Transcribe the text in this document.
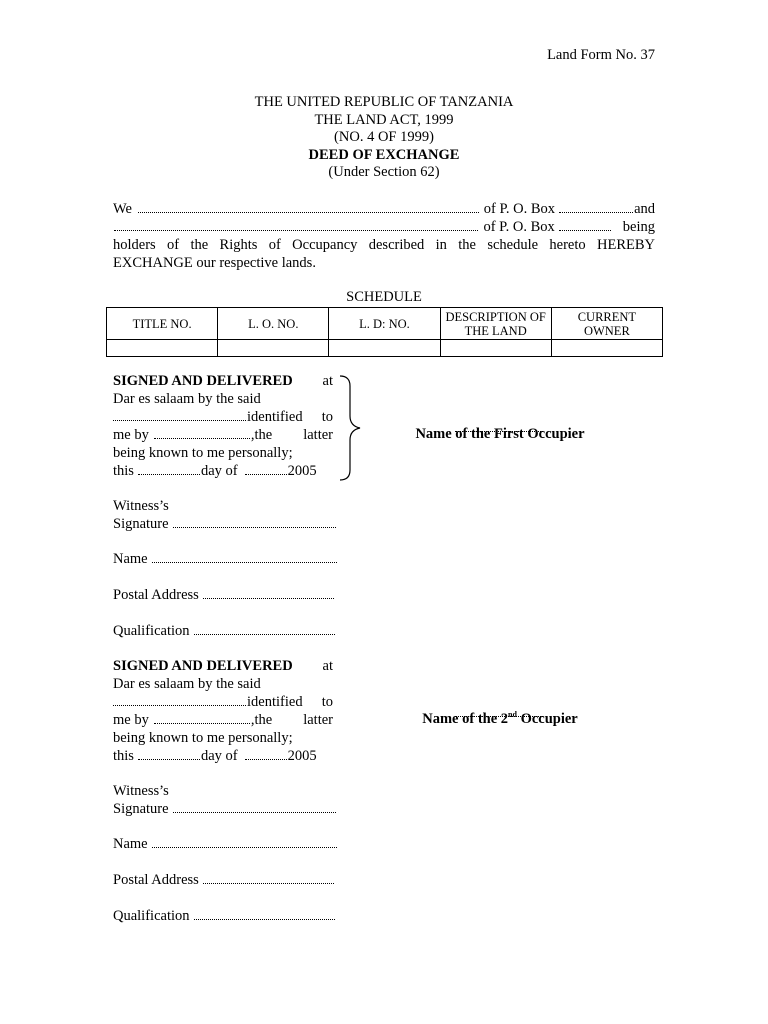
Land Form No. 37
THE UNITED REPUBLIC OF TANZANIA
THE LAND ACT, 1999
(NO. 4 OF 1999)
DEED OF EXCHANGE
(Under Section 62)
We	of P. O. Box	and
of P. O. Box	being
holders of the Rights of Occupancy described in the schedule hereto HEREBY
EXCHANGE our respective lands.
SCHEDULE
TITLE NO.	L. O. NO.	L. D: NO.	DESCRIPTION OF THE LAND	CURRENT OWNER

SIGNED AND DELIVERED at
Dar es salaam by the said
identified to
me by	,the latter
being known to me personally;
this	day of	2005
Name of the First Occupier
Witness’s
Signature
Name
Postal Address
Qualification
SIGNED AND DELIVERED at
Dar es salaam by the said
identified to
me by	,the latter
being known to me personally;
this	day of	2005
Name of the 2nd Occupier
Witness’s
Signature
Name
Postal Address
Qualification
